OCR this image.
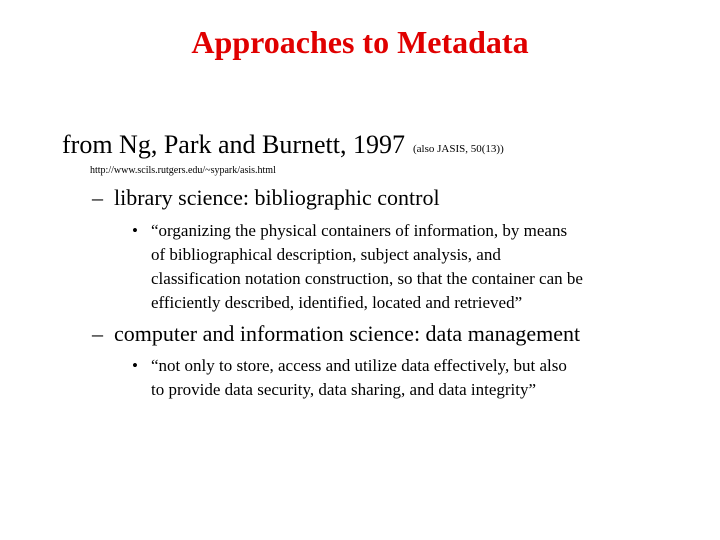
Approaches to Metadata
from Ng, Park and Burnett, 1997 (also JASIS, 50(13))
http://www.scils.rutgers.edu/~sypark/asis.html
– library science: bibliographic control
• “organizing the physical containers of information, by means
of bibliographical description, subject analysis, and
classification notation construction, so that the container can be
efficiently described, identified, located and retrieved”
– computer and information science: data management
• “not only to store, access and utilize data effectively, but also
to provide data security, data sharing, and data integrity”
